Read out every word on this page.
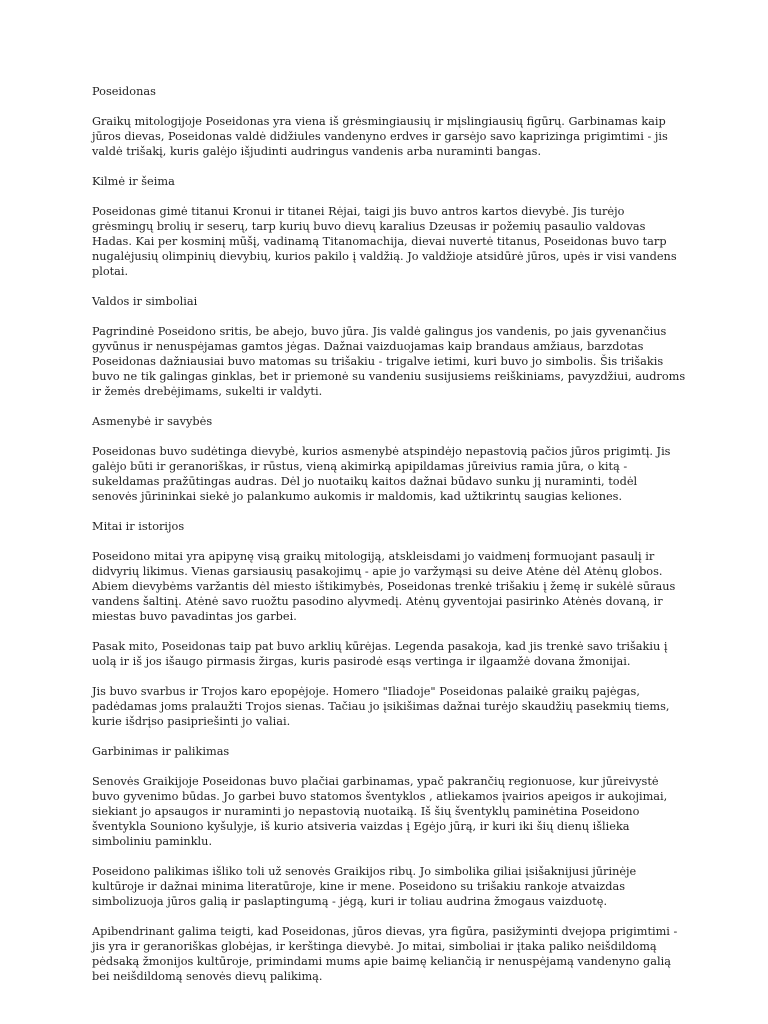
Poseidonas

Graikų mitologijoje Poseidonas yra viena iš grėsmingiausių ir mįslingiausių figūrų. Garbinamas kaip jūros dievas, Poseidonas valdė didžiules vandenyno erdves ir garsėjo savo kaprizinga prigimtimi - jis valdė trišakį, kuris galėjo išjudinti audringus vandenis arba nuraminti bangas.

Kilmė ir šeima

Poseidonas gimė titanui Kronui ir titanei Rėjai, taigi jis buvo antros kartos dievybė. Jis turėjo grėsmingų brolių ir seserų, tarp kurių buvo dievų karalius Dzeusas ir požemių pasaulio valdovas Hadas. Kai per kosminį mūšį, vadinamą Titanomachija, dievai nuvertė titanus, Poseidonas buvo tarp nugalėjusių olimpinių dievybių, kurios pakilo į valdžią. Jo valdžioje atsidūrė jūros, upės ir visi vandens plotai.

Valdos ir simboliai

Pagrindinė Poseidono sritis, be abejo, buvo jūra. Jis valdė galingus jos vandenis, po jais gyvenančius gyvūnus ir nenuspėjamas gamtos jėgas. Dažnai vaizduojamas kaip brandaus amžiaus, barzdotas Poseidonas dažniausiai buvo matomas su trišakiu - trigalve ietimi, kuri buvo jo simbolis. Šis trišakis buvo ne tik galingas ginklas, bet ir priemonė su vandeniu susijusiems reiškiniams, pavyzdžiui, audroms ir žemės drebėjimams, sukelti ir valdyti.

Asmenybė ir savybės

Poseidonas buvo sudėtinga dievybė, kurios asmenybė atspindėjo nepastovią pačios jūros prigimtį. Jis galėjo būti ir geranoriškas, ir rūstus, vieną akimirką apipildamas jūreivius ramia jūra, o kitą - sukeldamas pražūtingas audras. Dėl jo nuotaikų kaitos dažnai būdavo sunku jį nuraminti, todėl senovės jūrininkai siekė jo palankumo aukomis ir maldomis, kad užtikrintų saugias keliones.

Mitai ir istorijos

Poseidono mitai yra apipynę visą graikų mitologiją, atskleisdami jo vaidmenį formuojant pasaulį ir didvyrių likimus. Vienas garsiausių pasakojimų - apie jo varžymąsi su deive Atėne dėl Atėnų globos. Abiem dievybėms varžantis dėl miesto ištikimybės, Poseidonas trenkė trišakiu į žemę ir sukėlė sūraus vandens šaltinį. Atėnė savo ruožtu pasodino alyvmedį. Atėnų gyventojai pasirinko Atėnės dovaną, ir miestas buvo pavadintas jos garbei.

Pasak mito, Poseidonas taip pat buvo arklių kūrėjas. Legenda pasakoja, kad jis trenkė savo trišakiu į uolą ir iš jos išaugo pirmasis žirgas, kuris pasirodė esąs vertinga ir ilgaamžė dovana žmonijai.

Jis buvo svarbus ir Trojos karo epopėjoje. Homero "Iliadoje" Poseidonas palaikė graikų pajėgas, padėdamas joms pralaužti Trojos sienas. Tačiau jo įsikišimas dažnai turėjo skaudžių pasekmių tiems, kurie išdrįso pasipriešinti jo valiai.

Garbinimas ir palikimas

Senovės Graikijoje Poseidonas buvo plačiai garbinamas, ypač pakrančių regionuose, kur jūreivystė buvo gyvenimo būdas. Jo garbei buvo statomos šventyklos , atliekamos įvairios apeigos ir aukojimai, siekiant jo apsaugos ir nuraminti jo nepastovią nuotaiką. Iš šių šventyklų paminėtina Poseidono šventykla Souniono kyšulyje, iš kurio atsiveria vaizdas į Egėjo jūrą, ir kuri iki šių dienų išlieka simboliniu paminklu.

Poseidono palikimas išliko toli už senovės Graikijos ribų. Jo simbolika giliai įsišaknijusi jūrinėje kultūroje ir dažnai minima literatūroje, kine ir mene. Poseidono su trišakiu rankoje atvaizdas simbolizuoja jūros galią ir paslaptingumą - jėgą, kuri ir toliau audrina žmogaus vaizduotę.

Apibendrinant galima teigti, kad Poseidonas, jūros dievas, yra figūra, pasižyminti dvejopa prigimtimi - jis yra ir geranoriškas globėjas, ir kerštinga dievybė. Jo mitai, simboliai ir įtaka paliko neišdildomą pėdsaką žmonijos kultūroje, primindami mums apie baimę keliančią ir nenuspėjamą vandenyno galią bei neišdildomą senovės dievų palikimą.
